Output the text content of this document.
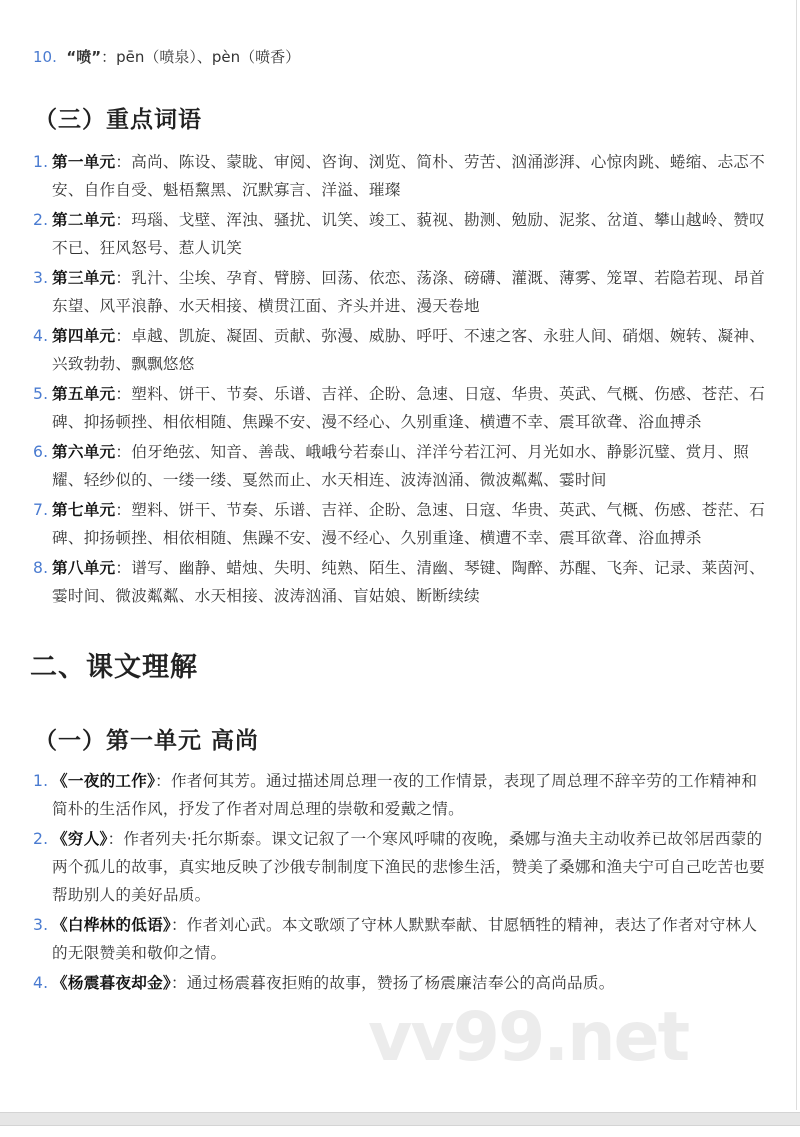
10. “喷”：pēn（喷泉）、pèn（喷香）
（三）重点词语
1. 第一单元：高尚、陈设、蒙眬、审阅、咨询、浏览、简朴、劳苦、汹涌澎湃、心惊肉跳、蜷缩、忐忑不安、自作自受、魁梧黧黑、沉默寡言、洋溢、璀璨
2. 第二单元：玛瑙、戈壁、浑浊、骚扰、讥笑、竣工、藐视、勘测、勉励、泥浆、岔道、攀山越岭、赞叹不已、狂风怒号、惹人讥笑
3. 第三单元：乳汁、尘埃、孕育、臂膀、回荡、依恋、荡涤、磅礴、灌溉、薄雾、笼罩、若隐若现、昂首东望、风平浪静、水天相接、横贯江面、齐头并进、漫天卷地
4. 第四单元：卓越、凯旋、凝固、贡献、弥漫、威胁、呼吁、不速之客、永驻人间、硝烟、婉转、凝神、兴致勃勃、飘飘悠悠
5. 第五单元：塑料、饼干、节奏、乐谱、吉祥、企盼、急速、日寇、华贵、英武、气概、伤感、苍茫、石碑、抑扬顿挫、相依相随、焦躁不安、漫不经心、久别重逢、横遭不幸、震耳欲聋、浴血搏杀
6. 第六单元：伯牙绝弦、知音、善哉、峨峨兮若泰山、洋洋兮若江河、月光如水、静影沉璧、赏月、照耀、轻纱似的、一缕一缕、戛然而止、水天相连、波涛汹涌、微波粼粼、霎时间
7. 第七单元：塑料、饼干、节奏、乐谱、吉祥、企盼、急速、日寇、华贵、英武、气概、伤感、苍茫、石碑、抑扬顿挫、相依相随、焦躁不安、漫不经心、久别重逢、横遭不幸、震耳欲聋、浴血搏杀
8. 第八单元：谱写、幽静、蜡烛、失明、纯熟、陌生、清幽、琴键、陶醉、苏醒、飞奔、记录、莱茵河、霎时间、微波粼粼、水天相接、波涛汹涌、盲姑娘、断断续续
二、课文理解
（一）第一单元 高尚
1. 《一夜的工作》：作者何其芳。通过描述周总理一夜的工作情景，表现了周总理不辞辛劳的工作精神和简朴的生活作风，抒发了作者对周总理的崇敬和爱戴之情。
2. 《穷人》：作者列夫·托尔斯泰。课文记叙了一个寒风呼啸的夜晚，桑娜与渔夫主动收养已故邻居西蒙的两个孤儿的故事，真实地反映了沙俄专制制度下渔民的悲惨生活，赞美了桑娜和渔夫宁可自己吃苦也要帮助别人的美好品质。
3. 《白桦林的低语》：作者刘心武。本文歌颂了守林人默默奉献、甘愿牺牲的精神，表达了作者对守林人的无限赞美和敬仰之情。
4. 《杨震暮夜却金》：通过杨震暮夜拒贿的故事，赞扬了杨震廉洁奉公的高尚品质。
vv99.net
